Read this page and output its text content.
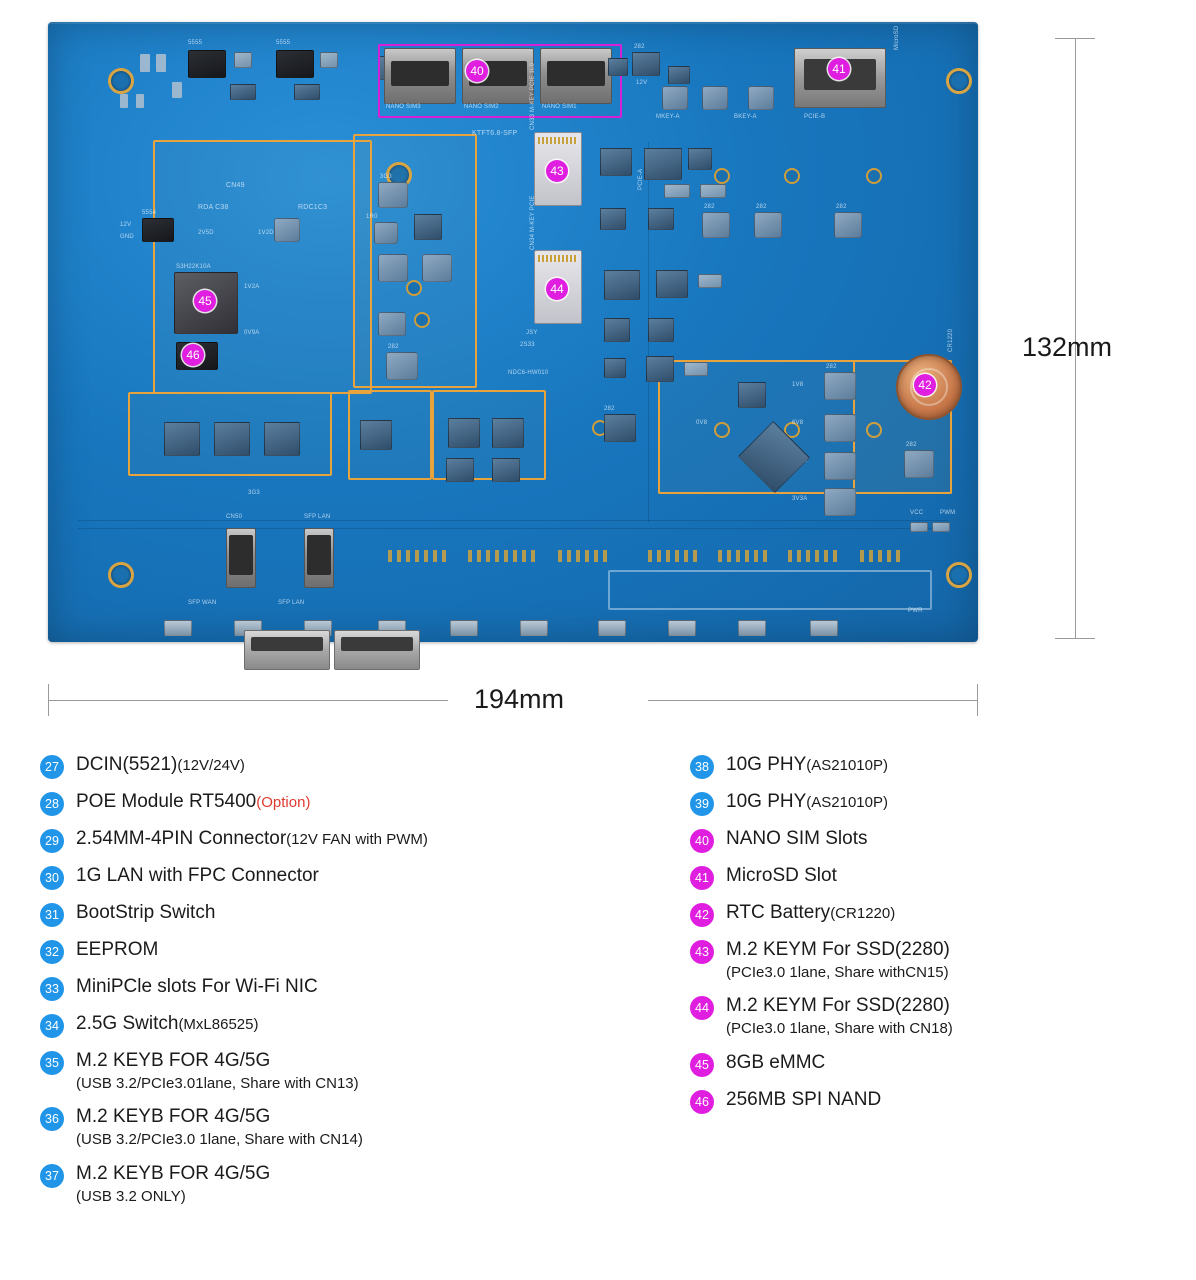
5555	5555
NANO SIM3	NANO SIM2	NANO SIM1
40	41
MicroSD
282
12V
MKEY-A	BKEY-A	PCIE-B
45
S3H22K10A
46
CN49
RDA C38	RDC1C3
KTFT6.8-SFP
12V
GND
2V5D	1V2D
1V2A
0V9A
5554
3G3
1R0
282
43
CN33 M-KEY PCIE 1L0
44
CN34 M-KEY PCIE
JSY
2S33
NDC6-HW010
PCIE-A
282	282	282
42
CR1220
282
1V8
6V8
3V3A
0V8
282
3G3
282
CN50	SFP LAN
SFP WAN	SFP LAN
PWR
VCC	PWM
132mm
194mm
27 DCIN(5521)(12V/24V)
28 POE Module RT5400(Option)
29 2.54MM-4PIN Connector(12V FAN with PWM)
30 1G LAN with FPC Connector
31 BootStrip Switch
32 EEPROM
33 MiniPCle slots For Wi-Fi NIC
34 2.5G Switch(MxL86525)
35 M.2 KEYB FOR 4G/5G
(USB 3.2/PCIe3.01lane, Share with CN13)
36 M.2 KEYB FOR 4G/5G
(USB 3.2/PCIe3.0 1lane, Share with CN14)
37 M.2 KEYB FOR 4G/5G
(USB 3.2 ONLY)
38 10G PHY(AS21010P)
39 10G PHY(AS21010P)
40 NANO SIM Slots
41 MicroSD Slot
42 RTC Battery(CR1220)
43 M.2 KEYM For SSD(2280)
(PCIe3.0 1lane, Share withCN15)
44 M.2 KEYM For SSD(2280)
(PCIe3.0 1lane, Share with CN18)
45 8GB eMMC
46 256MB SPI NAND
